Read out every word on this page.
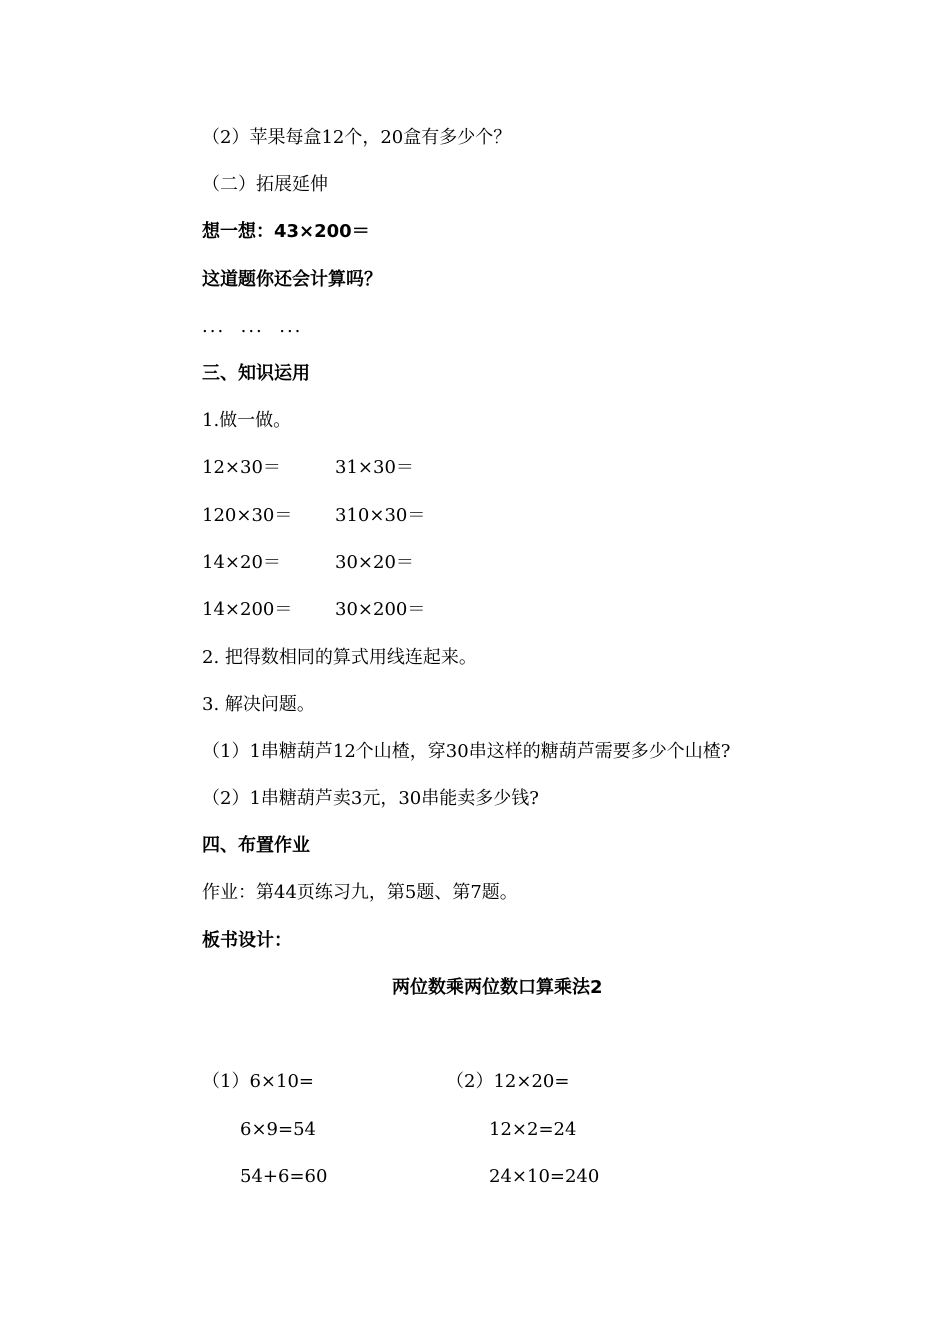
（2）苹果每盒12个，20盒有多少个？
（二）拓展延伸
想一想：43×200＝
这道题你还会计算吗？
...  ...  ...
三、知识运用
1.做一做。
12×30＝	31×30＝
120×30＝ 310×30＝
14×20＝	30×20＝
14×200＝ 30×200＝
2. 把得数相同的算式用线连起来。
3. 解决问题。
（1）1串糖葫芦12个山楂，穿30串这样的糖葫芦需要多少个山楂?
（2）1串糖葫芦卖3元，30串能卖多少钱?
四、布置作业
作业：第44页练习九，第5题、第7题。
板书设计：
两位数乘两位数口算乘法2
（1）6×10=
6×9=54
54+6=60
（2）12×20=
12×2=24
24×10=240
